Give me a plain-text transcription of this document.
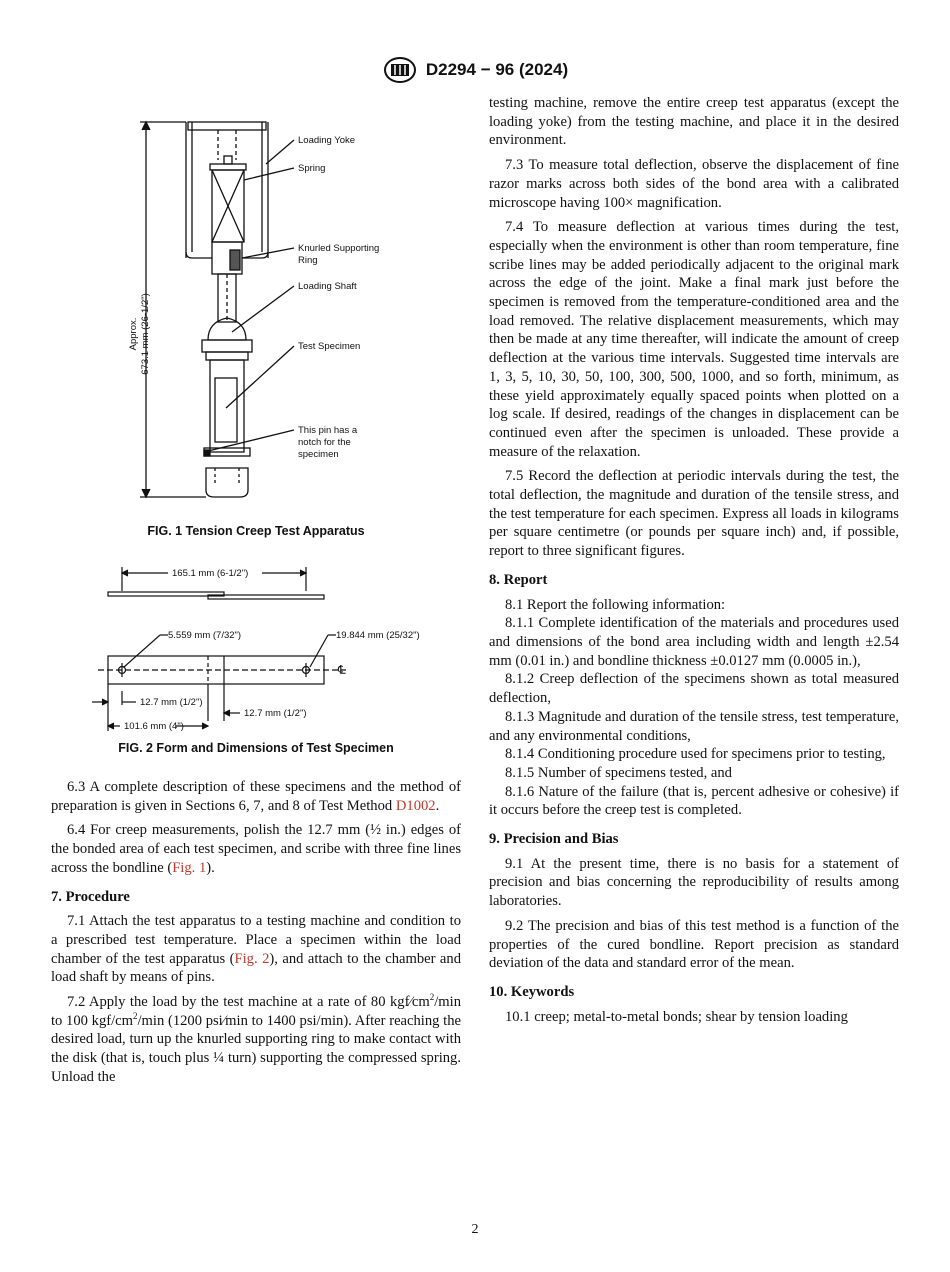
D2294 − 96 (2024)
Loading Yoke
Spring
Knurled Supporting
Ring
Loading Shaft
Test Specimen
This pin has a
notch for the
specimen
Approx. 673.1 mm (26-1/2")
FIG. 1 Tension Creep Test Apparatus
165.1 mm (6-1/2")
5.559 mm (7/32")	19.844 mm (25/32")
℄
12.7 mm (1/2")
12.7 mm (1/2")
101.6 mm (4")
FIG. 2 Form and Dimensions of Test Specimen

6.3 A complete description of these specimens and the method of preparation is given in Sections 6, 7, and 8 of Test Method D1002.

6.4 For creep measurements, polish the 12.7 mm (½ in.) edges of the bonded area of each test specimen, and scribe with three fine lines across the bondline (Fig. 1).

7. Procedure

7.1 Attach the test apparatus to a testing machine and condition to a prescribed test temperature. Place a specimen within the load chamber of the test apparatus (Fig. 2), and attach to the chamber and load shaft by means of pins.

7.2 Apply the load by the test machine at a rate of 80 $kgf⁄cm^2/\min$ to 100 kgf/$cm^2/\min$ (1200 psi⁄min to 1400 psi/min). After reaching the desired load, turn up the knurled supporting ring to make contact with the disk (that is, touch plus ¼ turn) supporting the compressed spring. Unload the

testing machine, remove the entire creep test apparatus (except the loading yoke) from the testing machine, and place it in the desired environment.

7.3 To measure total deflection, observe the displacement of fine razor marks across both sides of the bond area with a calibrated microscope having 100× magnification.

7.4 To measure deflection at various times during the test, especially when the environment is other than room temperature, fine scribe lines may be added periodically adjacent to the original mark across the edge of the joint. Make a final mark just before the specimen is removed from the temperature-conditioned area and the load removed. The relative displacement measurements, which may then be made at any time thereafter, will indicate the amount of creep deflection at the various time intervals. Suggested time intervals are 1, 3, 5, 10, 30, 50, 100, 300, 500, 1000, and so forth, minimum, as these yield approximately equally spaced points when plotted on a log scale. If desired, readings of the changes in displacement can be continued even after the specimen is unloaded. These provide a measure of the relaxation.

7.5 Record the deflection at periodic intervals during the test, the total deflection, the magnitude and duration of the tensile stress, and the test temperature for each specimen. Express all loads in kilograms per square centimetre (or pounds per square inch) and, if possible, report to three significant figures.

8. Report

8.1 Report the following information:

8.1.1 Complete identification of the materials and procedures used and dimensions of the bond area including width and length ±2.54 mm (0.01 in.) and bondline thickness ±0.0127 mm (0.0005 in.),

8.1.2 Creep deflection of the specimens shown as total measured deflection,

8.1.3 Magnitude and duration of the tensile stress, test temperature, and any environmental conditions,

8.1.4 Conditioning procedure used for specimens prior to testing,

8.1.5 Number of specimens tested, and

8.1.6 Nature of the failure (that is, percent adhesive or cohesive) if it occurs before the creep test is completed.

9. Precision and Bias

9.1 At the present time, there is no basis for a statement of precision and bias concerning the reproducibility of results among laboratories.

9.2 The precision and bias of this test method is a function of the properties of the cured bondline. Report precision as standard deviation of the data and standard error of the mean.

10. Keywords

10.1 creep; metal-to-metal bonds; shear by tension loading

2
